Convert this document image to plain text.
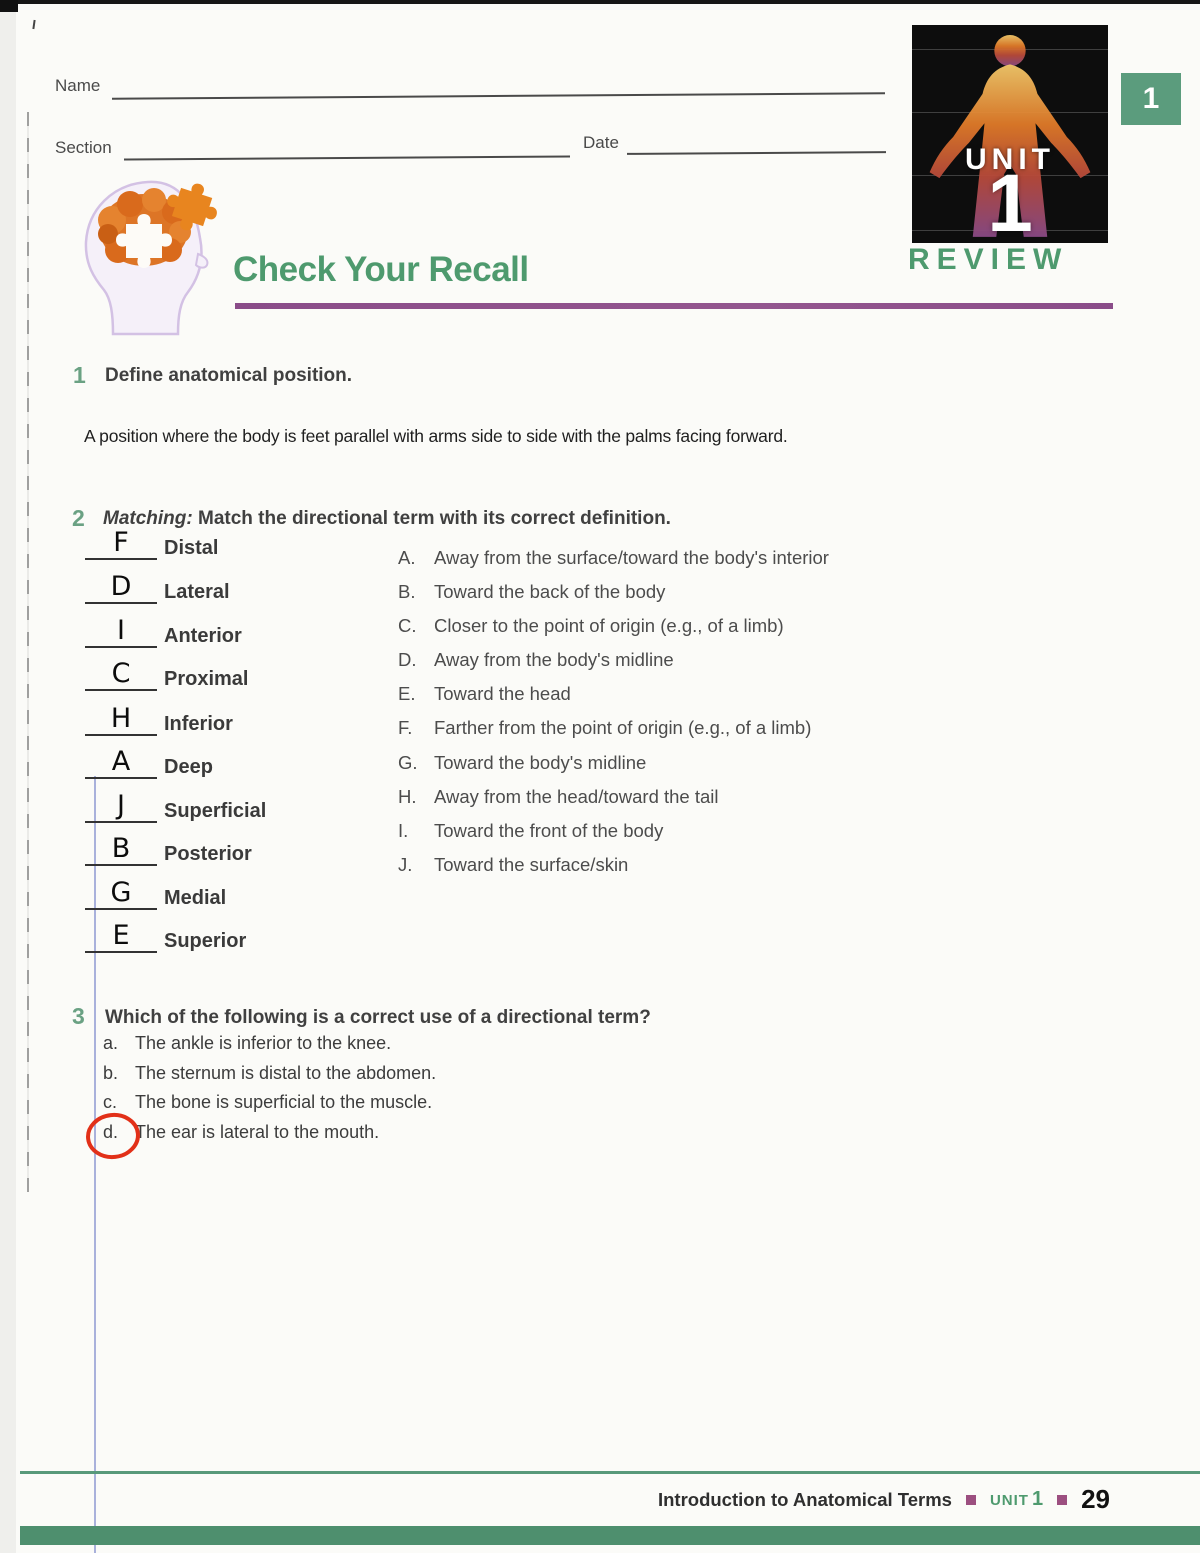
Name
Section	Date
UNIT
1
REVIEW
1
Check Your Recall
1 Define anatomical position.
A position where the body is feet parallel with arms side to side with the palms facing forward.
2 Matching: Match the directional term with its correct definition.
F Distal
D Lateral
I Anterior
C Proximal
H Inferior
A Deep
J Superficial
B Posterior
G Medial
E Superior
A.	Away from the surface/toward the body's interior
B.	Toward the back of the body
C. Closer to the point of origin (e.g., of a limb)
D. Away from the body's midline
E.	Toward the head
F.	Farther from the point of origin (e.g., of a limb)
G. Toward the body's midline
H. Away from the head/toward the tail
I.	Toward the front of the body
J.	Toward the surface/skin
3 Which of the following is a correct use of a directional term?
a. The ankle is inferior to the knee.
b. The sternum is distal to the abdomen.
c. The bone is superficial to the muscle.
d. The ear is lateral to the mouth.
Introduction to Anatomical Terms	UNIT 1 29
